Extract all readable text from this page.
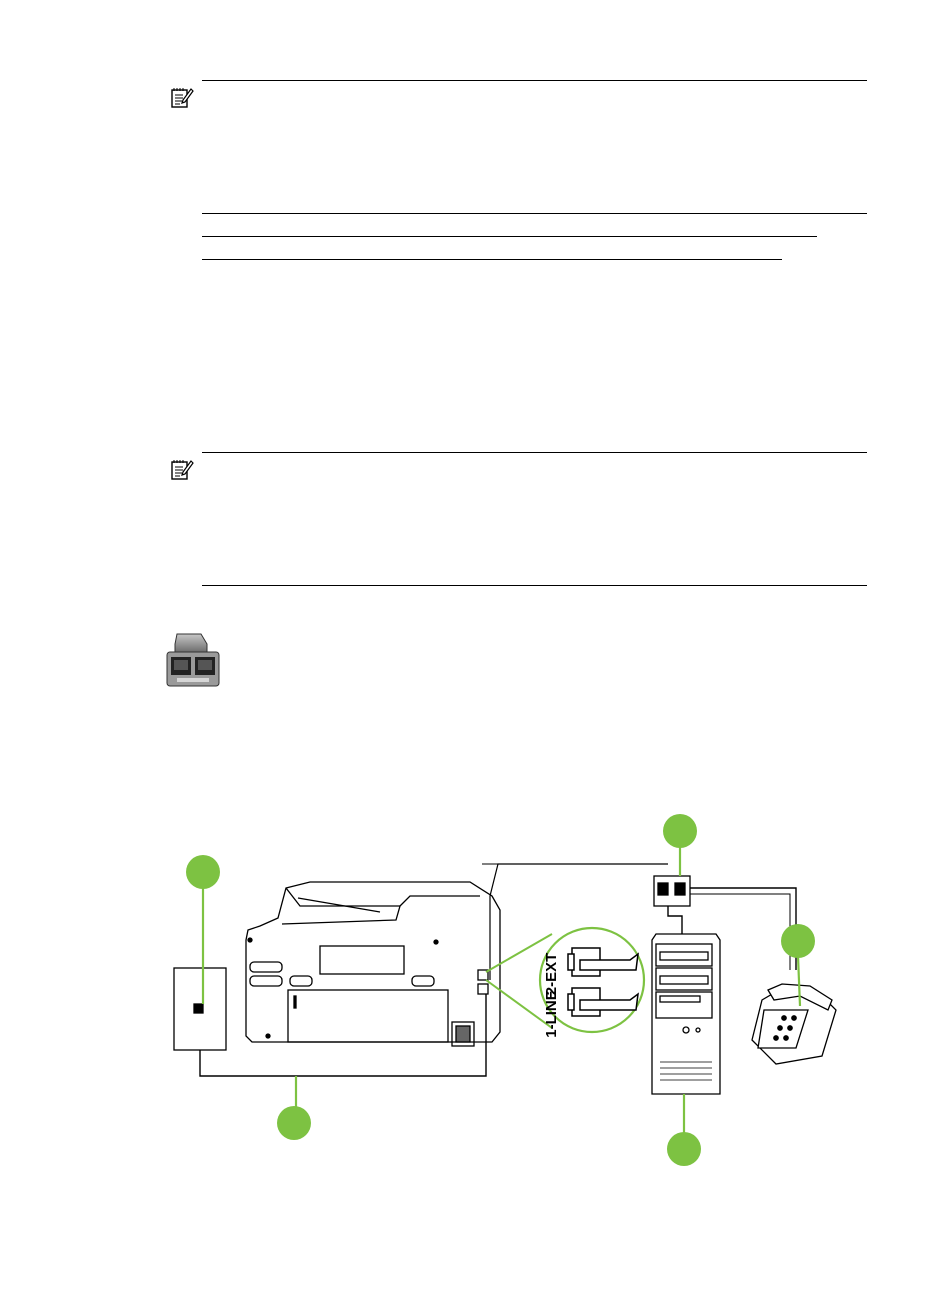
2-EXT
1-LINE
